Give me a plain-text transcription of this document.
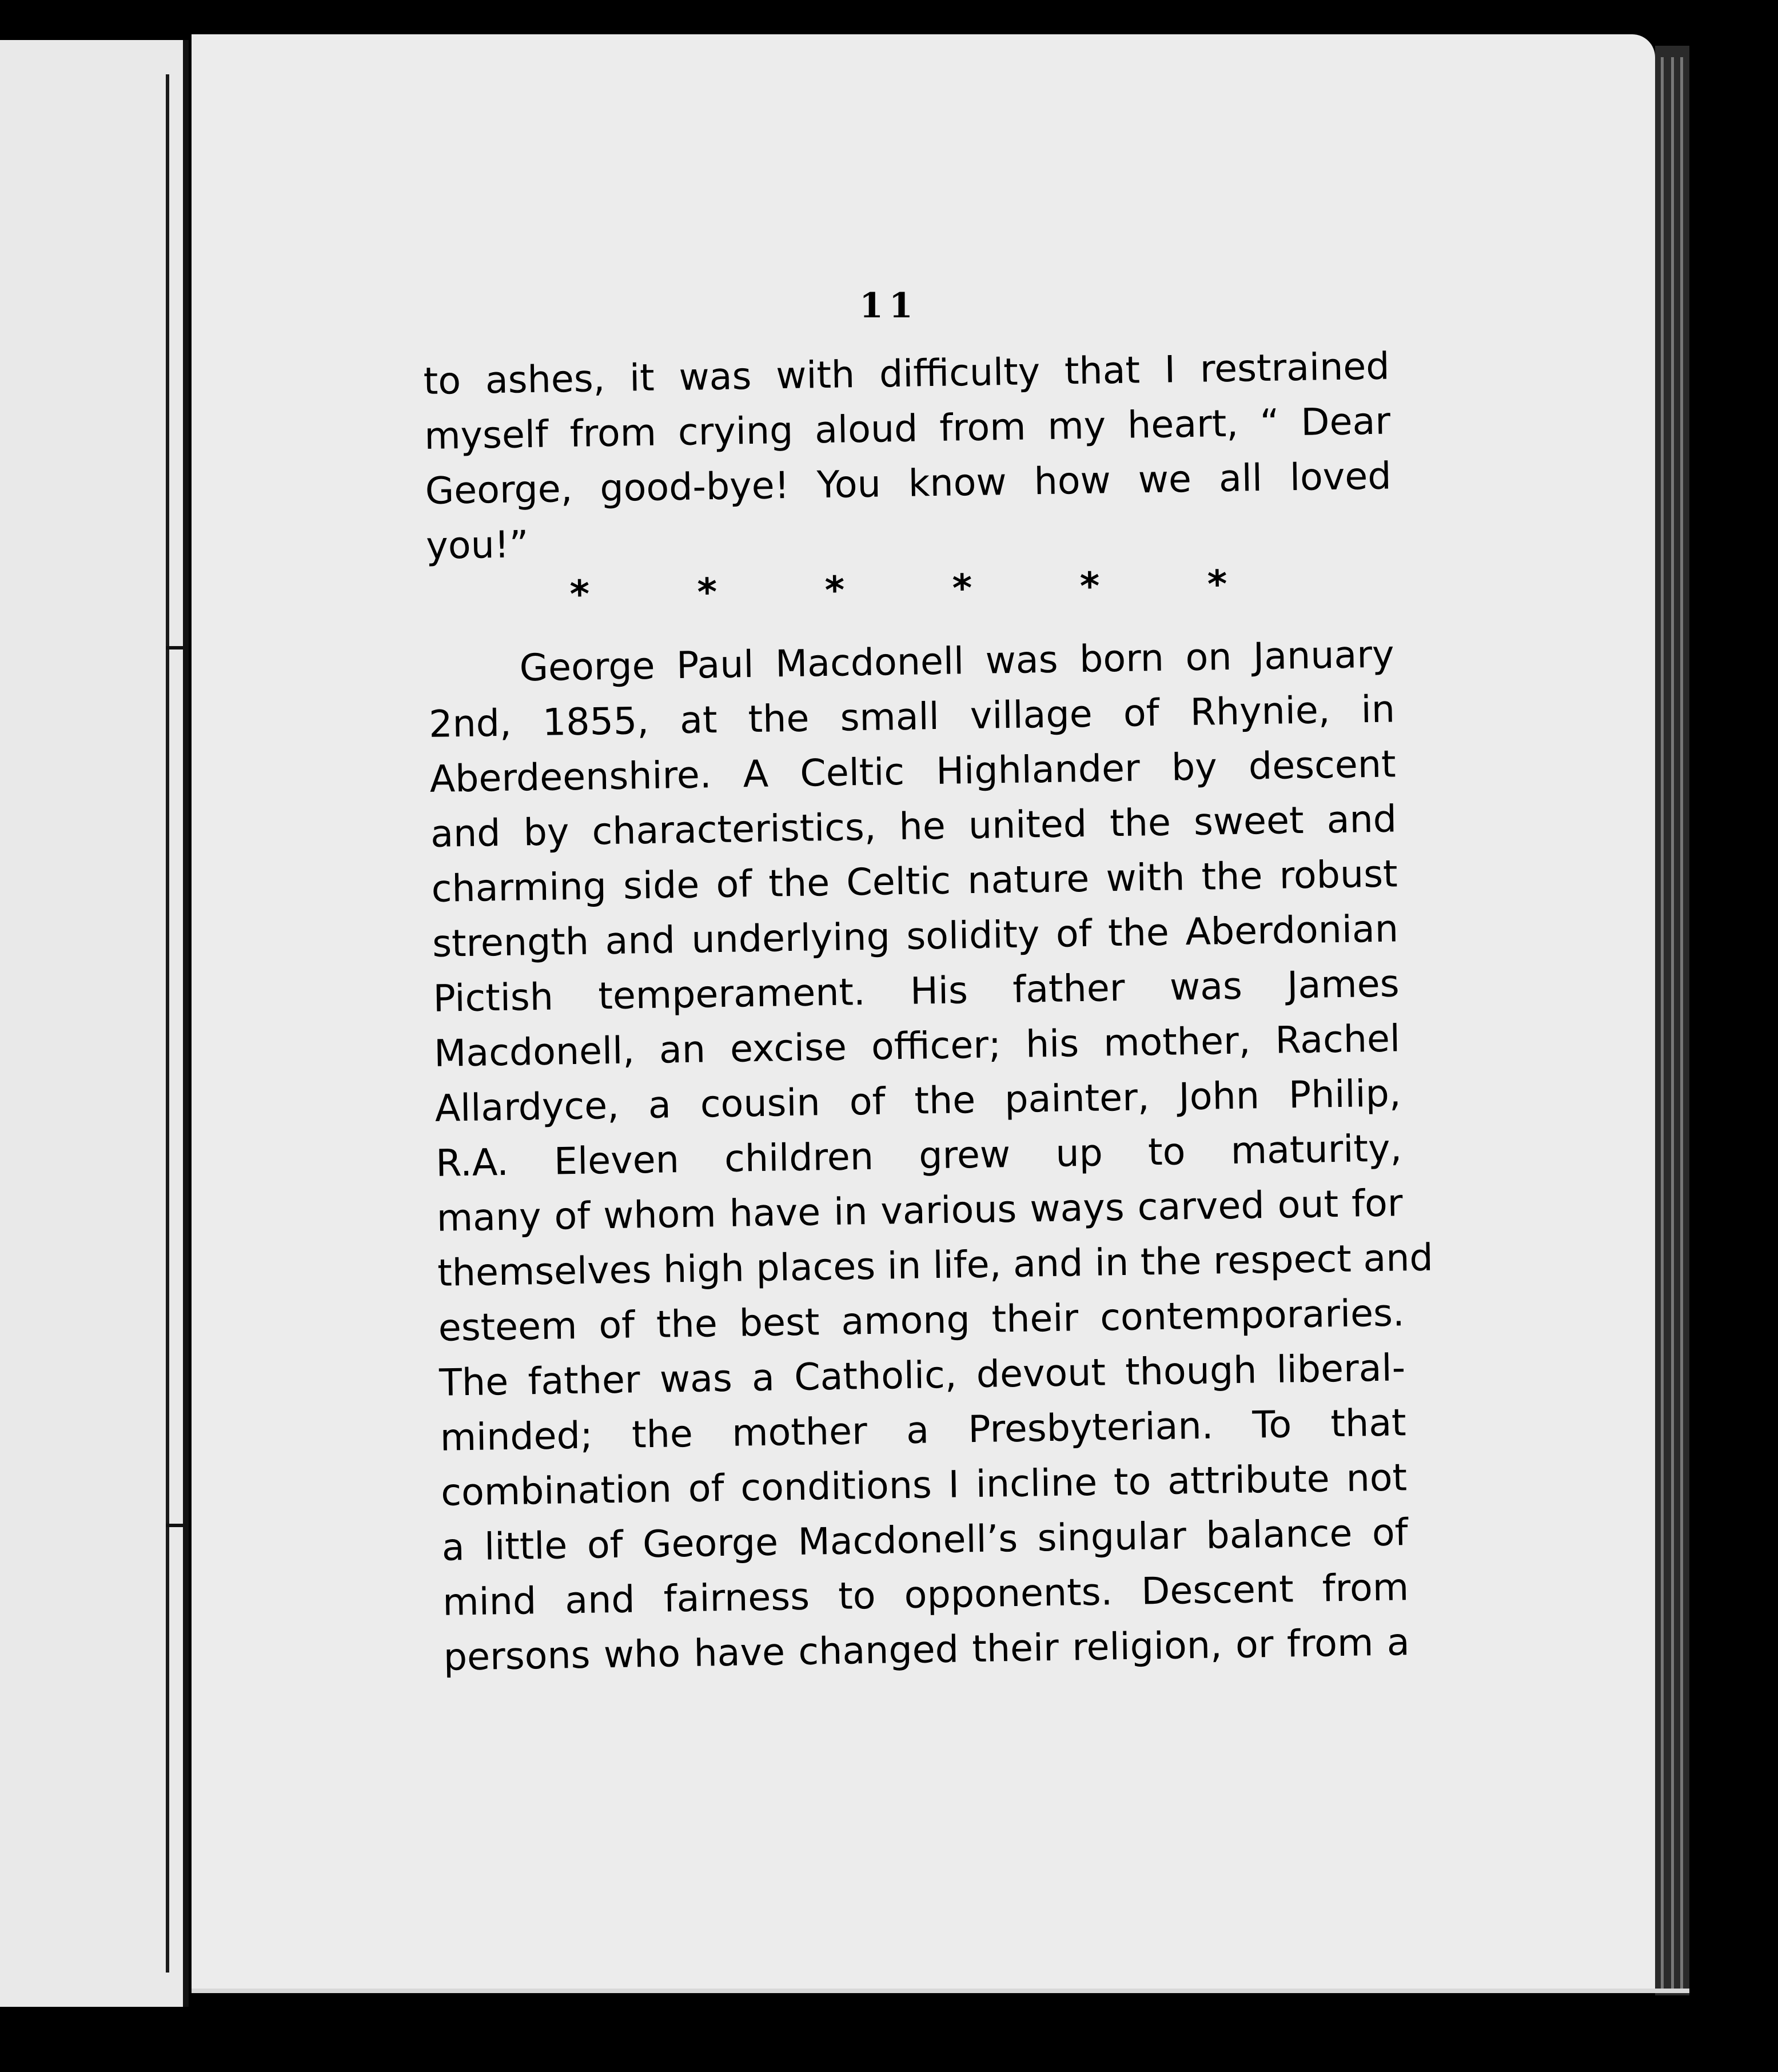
11

to ashes, it was with difficulty that I restrained
myself from crying aloud from my heart, “ Dear
George, good-bye! You know how we all loved
you!”

*	*	*	*	*	*

George Paul Macdonell was born on January
2nd, 1855, at the small village of Rhynie, in
Aberdeenshire. A Celtic Highlander by descent
and by characteristics, he united the sweet and
charming side of the Celtic nature with the robust
strength and underlying solidity of the Aberdonian
Pictish temperament. His father was James
Macdonell, an excise officer; his mother, Rachel
Allardyce, a cousin of the painter, John Philip,
R.A. Eleven children grew up to maturity,
many of whom have in various ways carved out for
themselves high places in life, and in the respect and
esteem of the best among their contemporaries.
The father was a Catholic, devout though liberal-
minded; the mother a Presbyterian. To that
combination of conditions I incline to attribute not
a little of George Macdonell’s singular balance of
mind and fairness to opponents. Descent from
persons who have changed their religion, or from a
